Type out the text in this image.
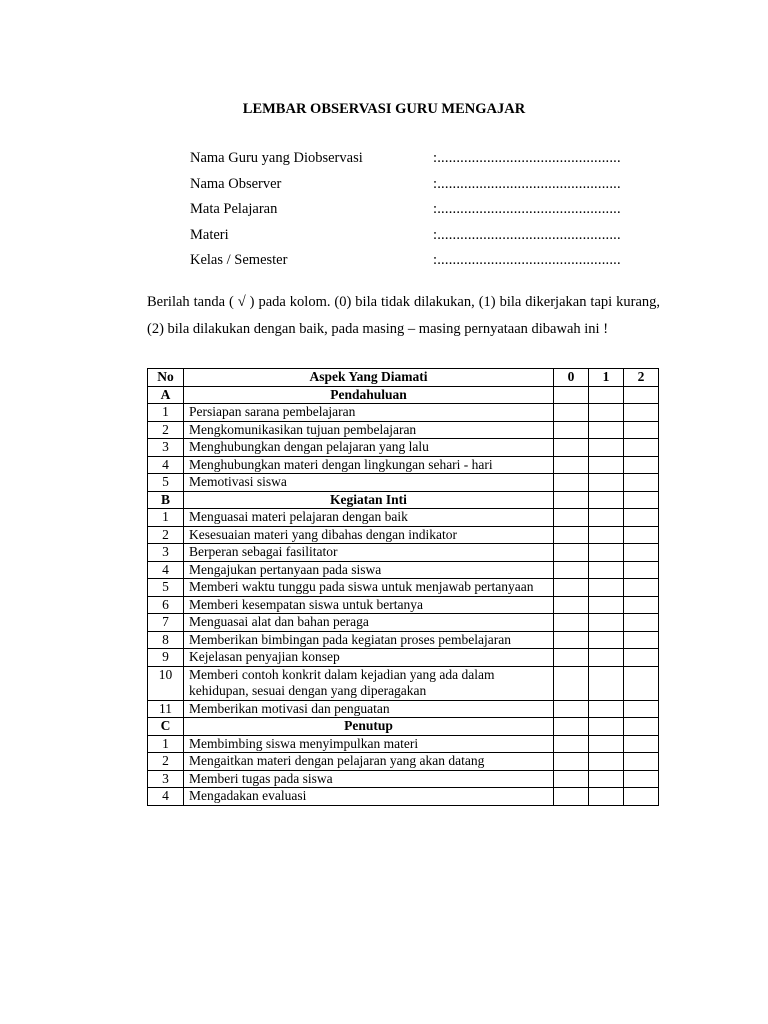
LEMBAR OBSERVASI GURU MENGAJAR
Nama Guru yang Diobservasi	:................................................
Nama Observer	:................................................
Mata Pelajaran	:................................................
Materi	:................................................
Kelas / Semester	:................................................
Berilah tanda ( √ ) pada kolom. (0) bila tidak dilakukan, (1) bila dikerjakan tapi kurang, (2) bila dilakukan dengan baik, pada masing – masing pernyataan dibawah ini !
No	Aspek Yang Diamati	0	1	2
A	Pendahuluan			
1	Persiapan sarana pembelajaran			
2	Mengkomunikasikan tujuan pembelajaran			
3	Menghubungkan dengan pelajaran yang lalu			
4	Menghubungkan materi dengan lingkungan sehari - hari			
5	Memotivasi siswa			
B	Kegiatan Inti			
1	Menguasai materi pelajaran dengan baik			
2	Kesesuaian materi yang dibahas dengan indikator			
3	Berperan sebagai fasilitator			
4	Mengajukan pertanyaan pada siswa			
5	Memberi waktu tunggu pada siswa untuk menjawab pertanyaan			
6	Memberi kesempatan siswa untuk bertanya			
7	Menguasai alat dan bahan peraga			
8	Memberikan bimbingan pada kegiatan proses pembelajaran			
9	Kejelasan penyajian konsep			
10	Memberi contoh konkrit dalam kejadian yang ada dalam kehidupan, sesuai dengan yang diperagakan			
11	Memberikan motivasi dan penguatan			
C	Penutup			
1	Membimbing siswa menyimpulkan materi			
2	Mengaitkan materi dengan pelajaran yang akan datang			
3	Memberi tugas pada siswa			
4	Mengadakan evaluasi			
